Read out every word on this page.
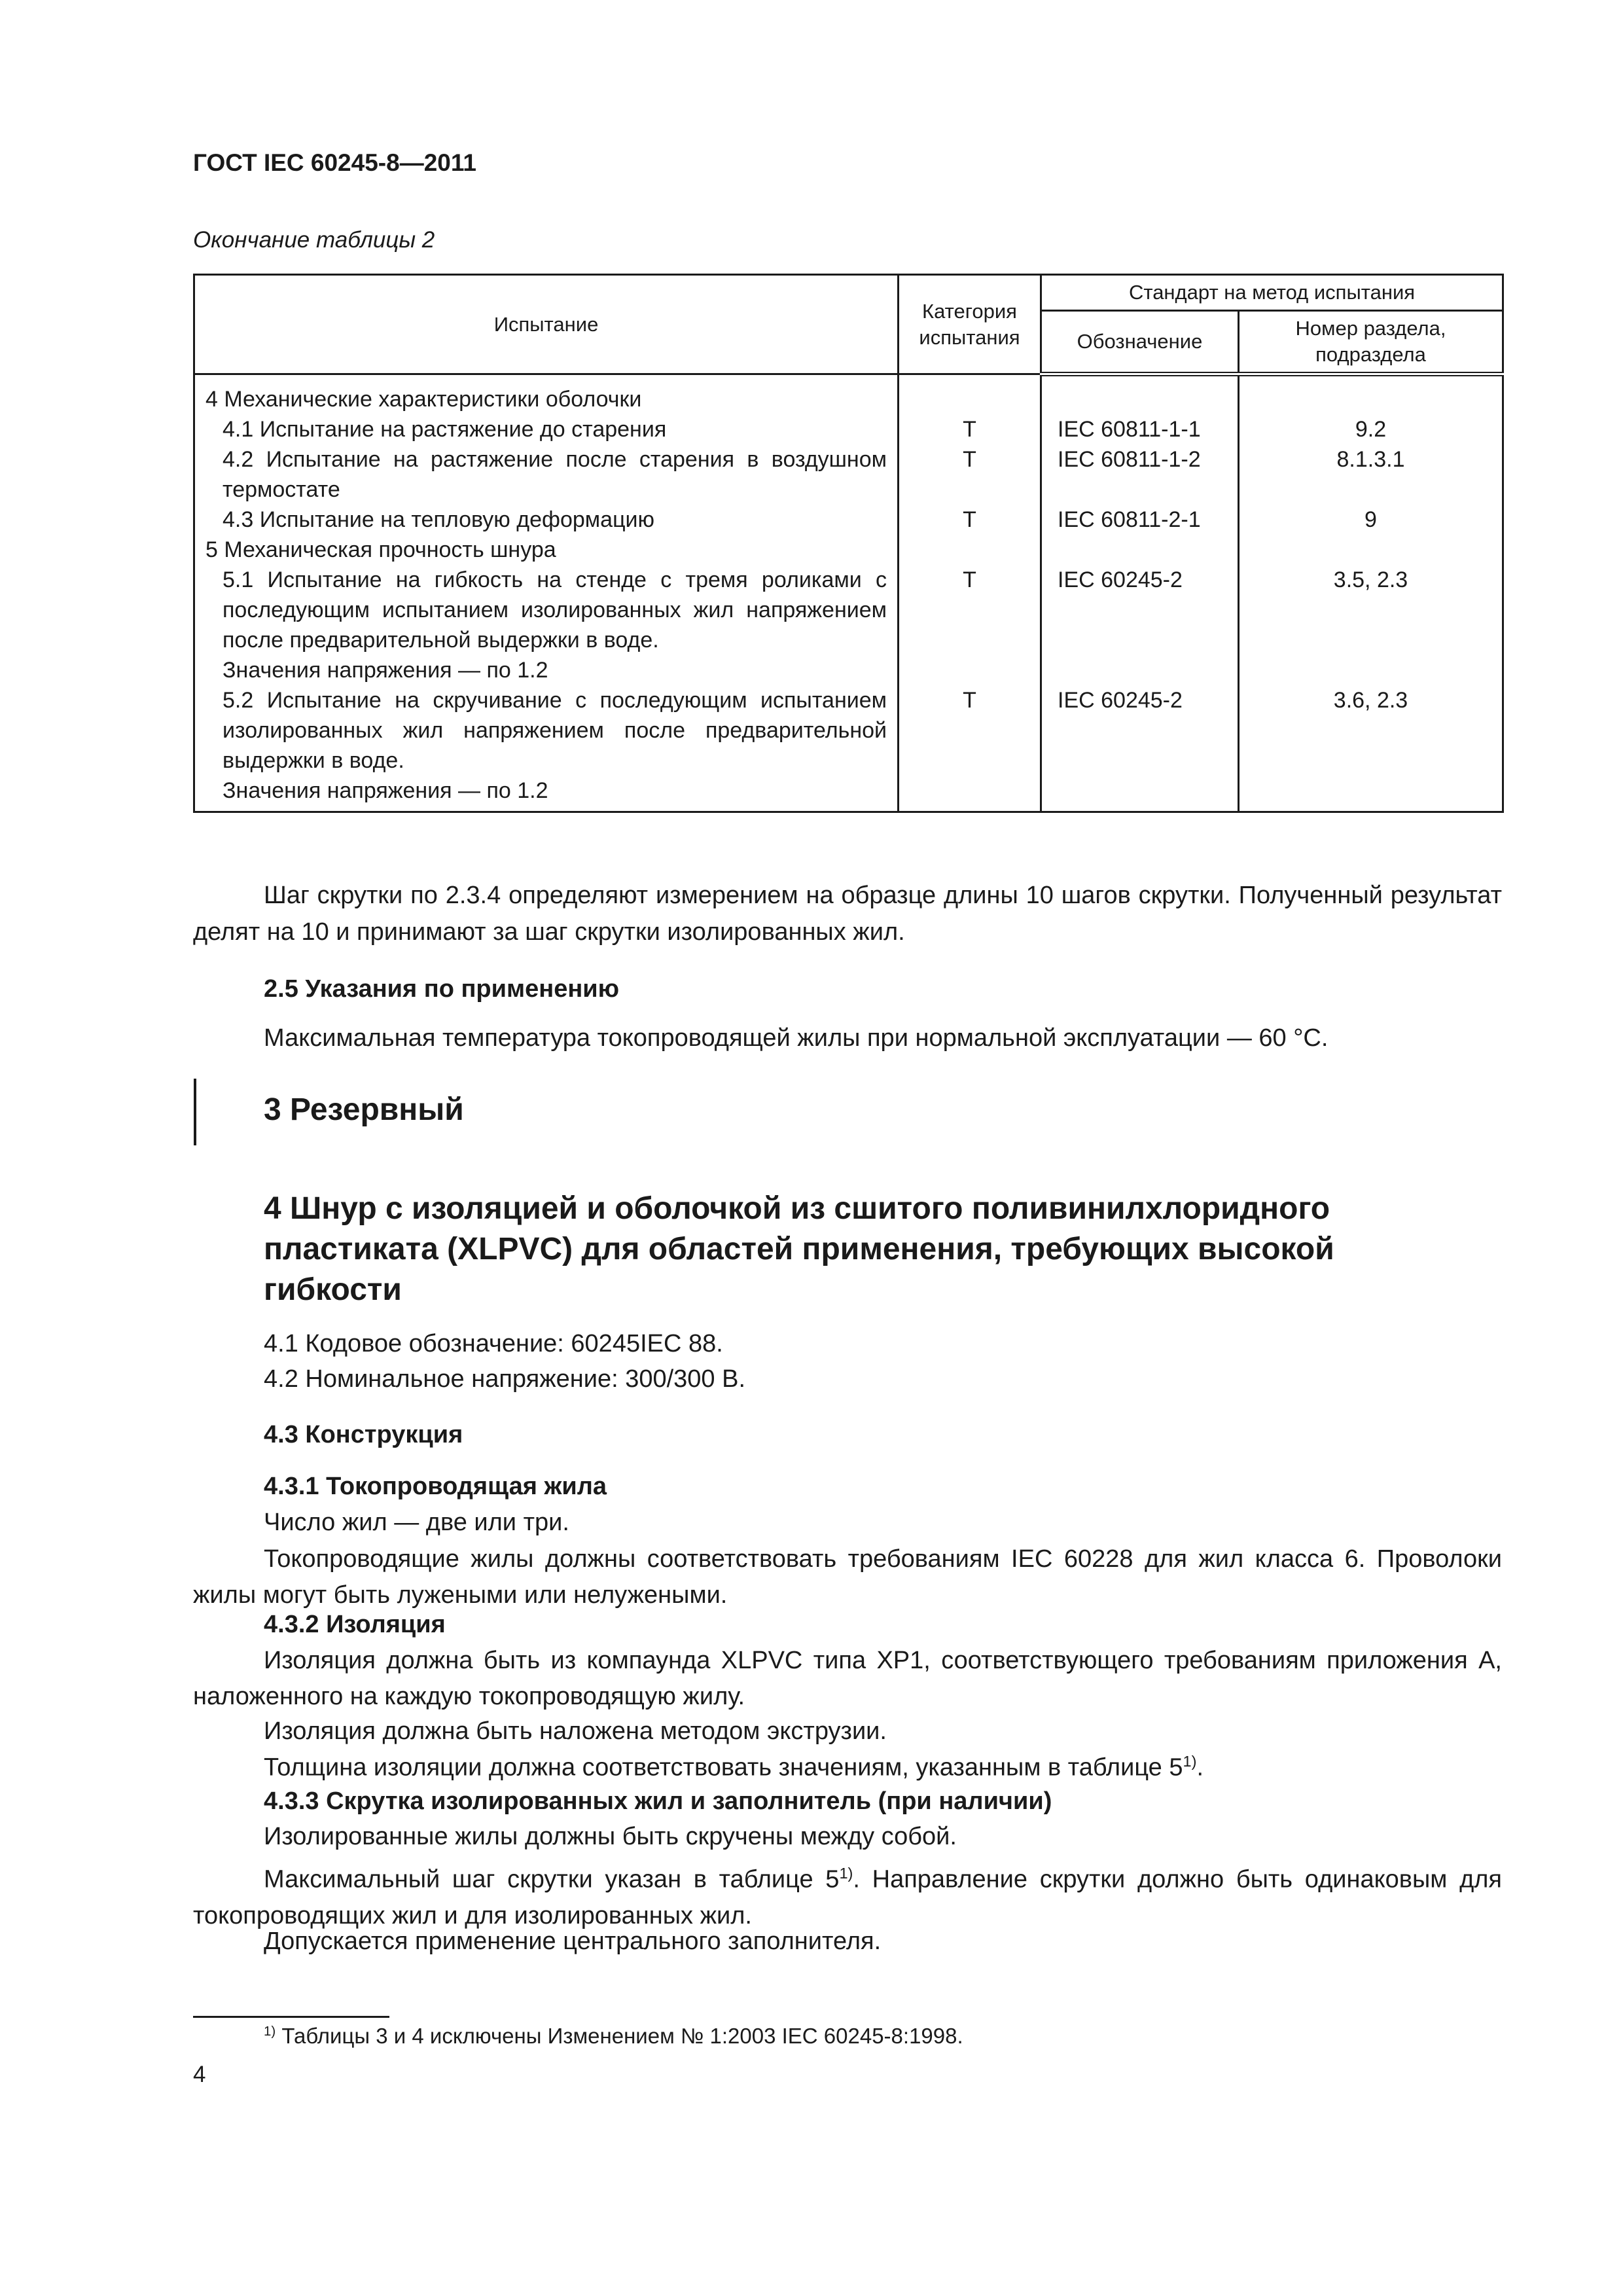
ГОСТ IEC 60245-8—2011
Окончание таблицы 2
Испытание	Категория испытания	Стандарт на метод испытания	
		Обозначение	Номер раздела, подраздела
4 Механические характеристики оболочки			

4.1 Испытание на растяжение до старения	Т	IEC 60811-1-1	9.2

4.2 Испытание на растяжение после старения в воздушном термостате	Т	IEC 60811-1-2	8.1.3.1

4.3 Испытание на тепловую деформацию	Т	IEC 60811-2-1	9
5 Механическая прочность шнура			

5.1 Испытание на гибкость на стенде с тремя роликами с последующим испытанием изолированных жил напряжением после предварительной выдержки в воде.
Значения напряжения — по 1.2	Т	IEC 60245-2	3.5, 2.3

5.2 Испытание на скручивание с последующим испытанием изолированных жил напряжением после предварительной выдержки в воде.
Значения напряжения — по 1.2	Т	IEC 60245-2	3.6, 2.3
Шаг скрутки по 2.3.4 определяют измерением на образце длины 10 шагов скрутки. Полученный результат делят на 10 и принимают за шаг скрутки изолированных жил.
2.5 Указания по применению
Максимальная температура токопроводящей жилы при нормальной эксплуатации — 60 °С.
3 Резервный
4 Шнур с изоляцией и оболочкой из сшитого поливинилхлоридного
пластиката (XLPVC) для областей применения, требующих высокой
гибкости
4.1 Кодовое обозначение: 60245IEC 88.
4.2 Номинальное напряжение: 300/300 В.
4.3 Конструкция
4.3.1 Токопроводящая жила
Число жил — две или три.
Токопроводящие жилы должны соответствовать требованиям IEC 60228 для жил класса 6. Проволоки жилы могут быть лужеными или нелужеными.
4.3.2 Изоляция
Изоляция должна быть из компаунда XLPVC типа XP1, соответствующего требованиям приложения А, наложенного на каждую токопроводящую жилу.
Изоляция должна быть наложена методом экструзии.
Толщина изоляции должна соответствовать значениям, указанным в таблице 5$^{1)}$.
4.3.3 Скрутка изолированных жил и заполнитель (при наличии)
Изолированные жилы должны быть скручены между собой.
Максимальный шаг скрутки указан в таблице 5$^{1)}$. Направление скрутки должно быть одинаковым для токопроводящих жил и для изолированных жил.
Допускается применение центрального заполнителя.
$^{1)}$ Таблицы 3 и 4 исключены Изменением № 1:2003 IEC 60245-8:1998.
4
